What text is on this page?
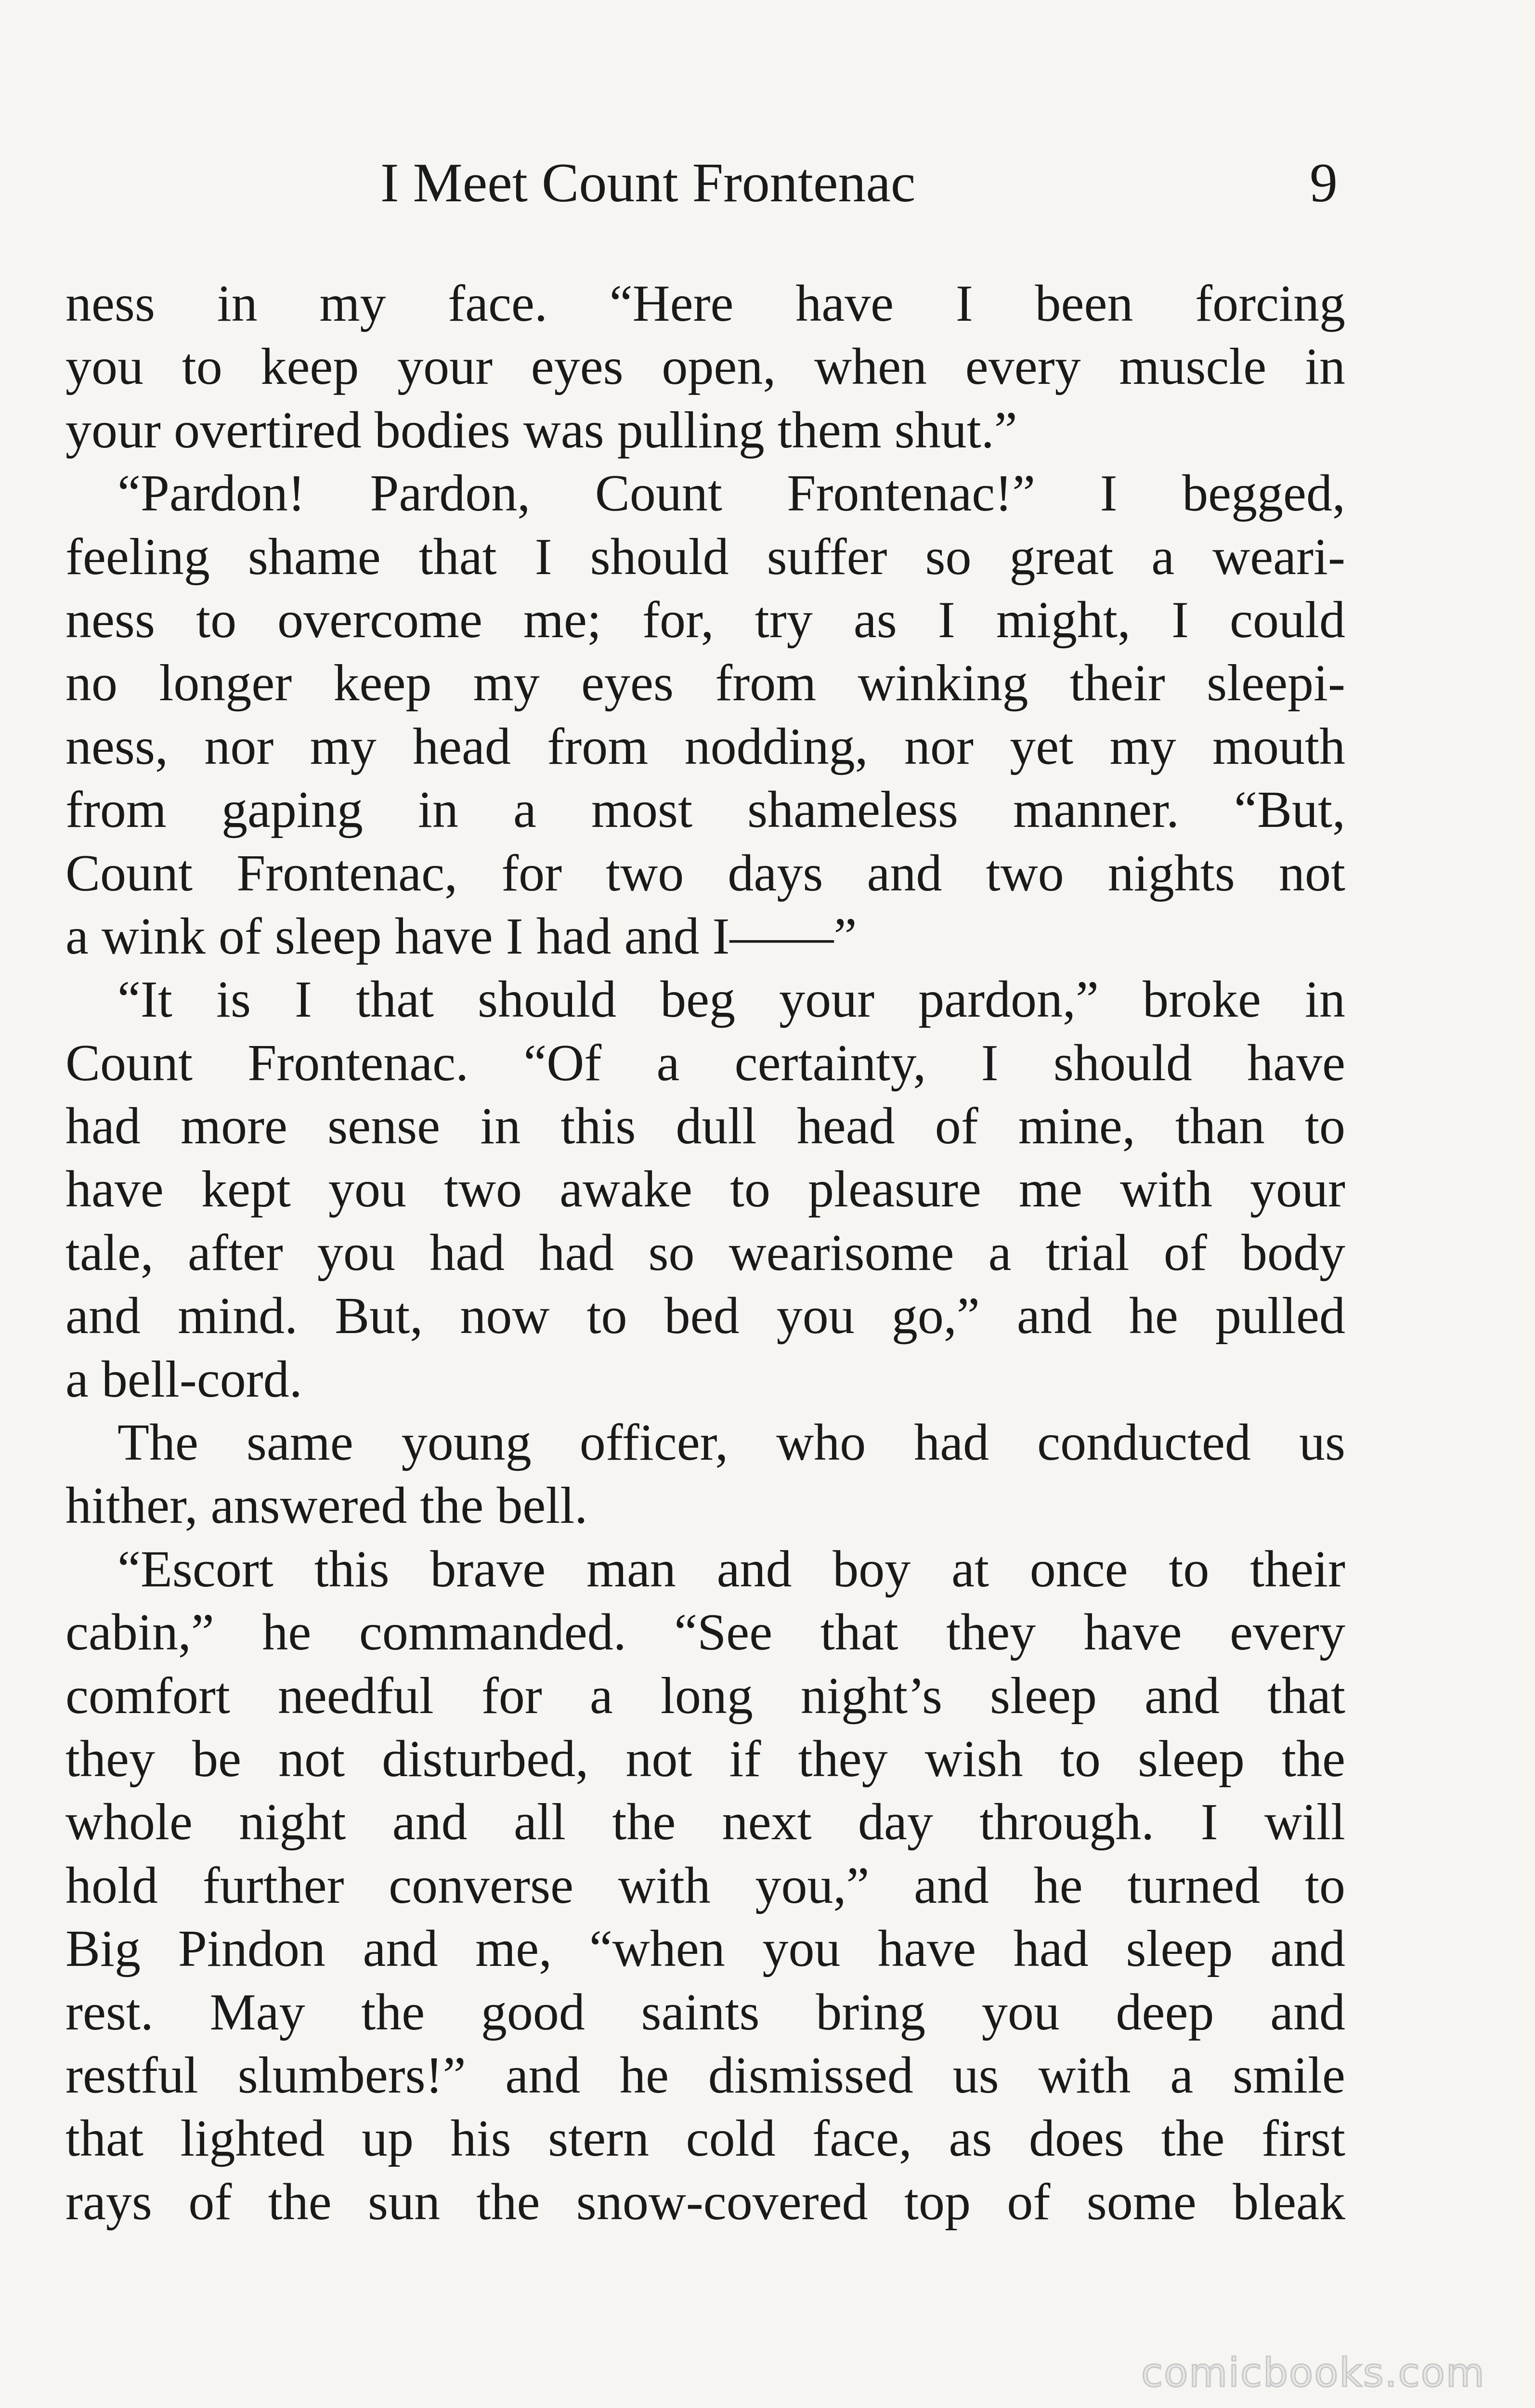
I Meet Count Frontenac	9
ness in my face. “Here have I been forcing
you to keep your eyes open, when every muscle in
your overtired bodies was pulling them shut.”
“Pardon! Pardon, Count Frontenac!” I begged,
feeling shame that I should suffer so great a weari-
ness to overcome me; for, try as I might, I could
no longer keep my eyes from winking their sleepi-
ness, nor my head from nodding, nor yet my mouth
from gaping in a most shameless manner. “But,
Count Frontenac, for two days and two nights not
a wink of sleep have I had and I——”
“It is I that should beg your pardon,” broke in
Count Frontenac. “Of a certainty, I should have
had more sense in this dull head of mine, than to
have kept you two awake to pleasure me with your
tale, after you had had so wearisome a trial of body
and mind. But, now to bed you go,” and he pulled
a bell-cord.
The same young officer, who had conducted us
hither, answered the bell.
“Escort this brave man and boy at once to their
cabin,” he commanded. “See that they have every
comfort needful for a long night’s sleep and that
they be not disturbed, not if they wish to sleep the
whole night and all the next day through. I will
hold further converse with you,” and he turned to
Big Pindon and me, “when you have had sleep and
rest. May the good saints bring you deep and
restful slumbers!” and he dismissed us with a smile
that lighted up his stern cold face, as does the first
rays of the sun the snow-covered top of some bleak
comicbooks.com
